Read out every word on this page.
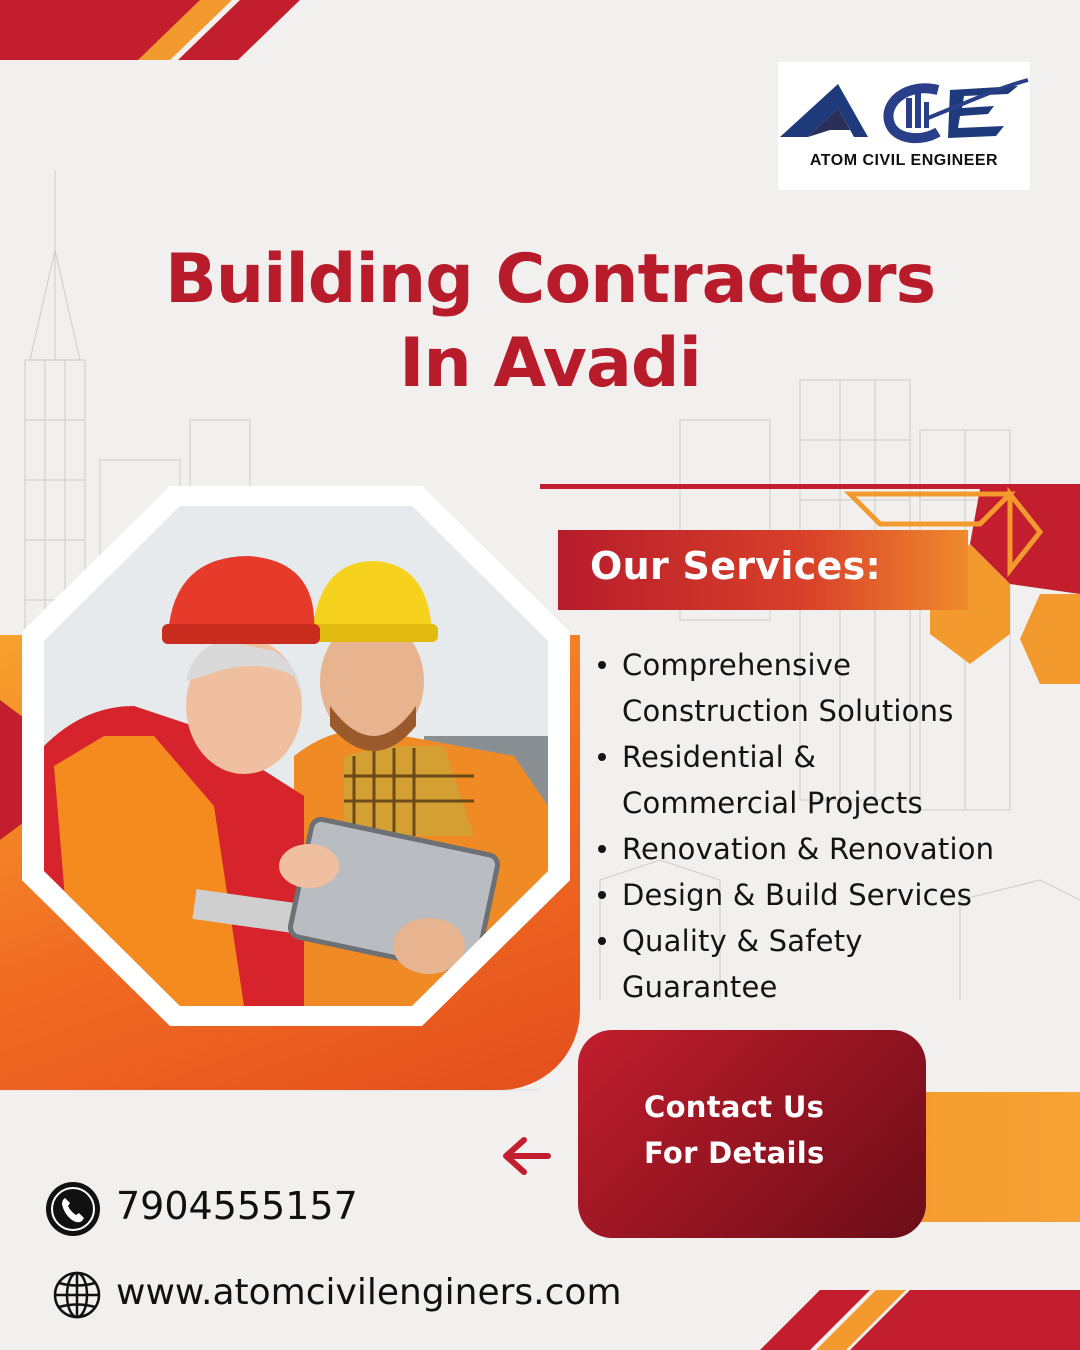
ATOM CIVIL ENGINEER
Building Contractors
In Avadi
Our Services:
Comprehensive
Construction Solutions
Residential &
Commercial Projects
Renovation & Renovation
Design & Build Services
Quality & Safety
Guarantee
Contact Us
For Details
7904555157
www.atomcivilenginers.com
